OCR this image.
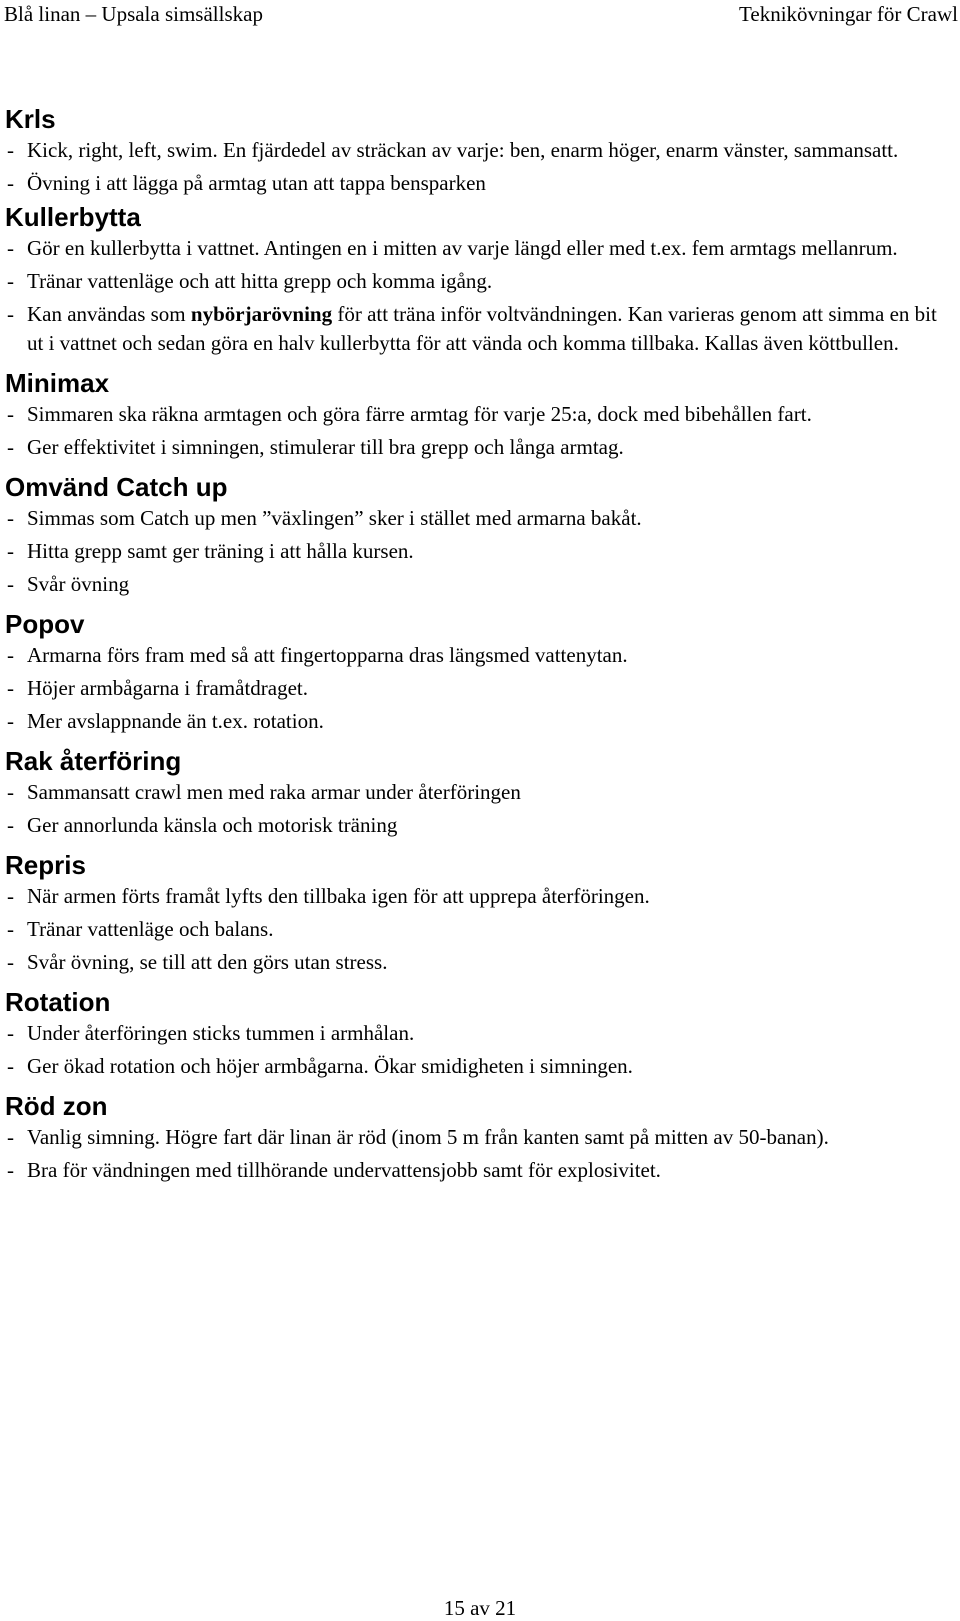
Blå linan – Upsala simsällskap	Teknikövningar för Crawl
Krls
- Kick, right, left, swim. En fjärdedel av sträckan av varje: ben, enarm höger, enarm vänster, sammansatt.
- Övning i att lägga på armtag utan att tappa bensparken
Kullerbytta
- Gör en kullerbytta i vattnet. Antingen en i mitten av varje längd eller med t.ex. fem armtags mellanrum.
- Tränar vattenläge och att hitta grepp och komma igång.
- Kan användas som nybörjarövning för att träna inför voltvändningen. Kan varieras genom att simma en bit ut i vattnet och sedan göra en halv kullerbytta för att vända och komma tillbaka. Kallas även köttbullen.
Minimax
- Simmaren ska räkna armtagen och göra färre armtag för varje 25:a, dock med bibehållen fart.
- Ger effektivitet i simningen, stimulerar till bra grepp och långa armtag.
Omvänd Catch up
- Simmas som Catch up men ”växlingen” sker i stället med armarna bakåt.
- Hitta grepp samt ger träning i att hålla kursen.
- Svår övning
Popov
- Armarna förs fram med så att fingertopparna dras längsmed vattenytan.
- Höjer armbågarna i framåtdraget.
- Mer avslappnande än t.ex. rotation.
Rak återföring
- Sammansatt crawl men med raka armar under återföringen
- Ger annorlunda känsla och motorisk träning
Repris
- När armen förts framåt lyfts den tillbaka igen för att upprepa återföringen.
- Tränar vattenläge och balans.
- Svår övning, se till att den görs utan stress.
Rotation
- Under återföringen sticks tummen i armhålan.
- Ger ökad rotation och höjer armbågarna. Ökar smidigheten i simningen.
Röd zon
- Vanlig simning. Högre fart där linan är röd (inom 5 m från kanten samt på mitten av 50-banan).
- Bra för vändningen med tillhörande undervattensjobb samt för explosivitet.
15 av 21
